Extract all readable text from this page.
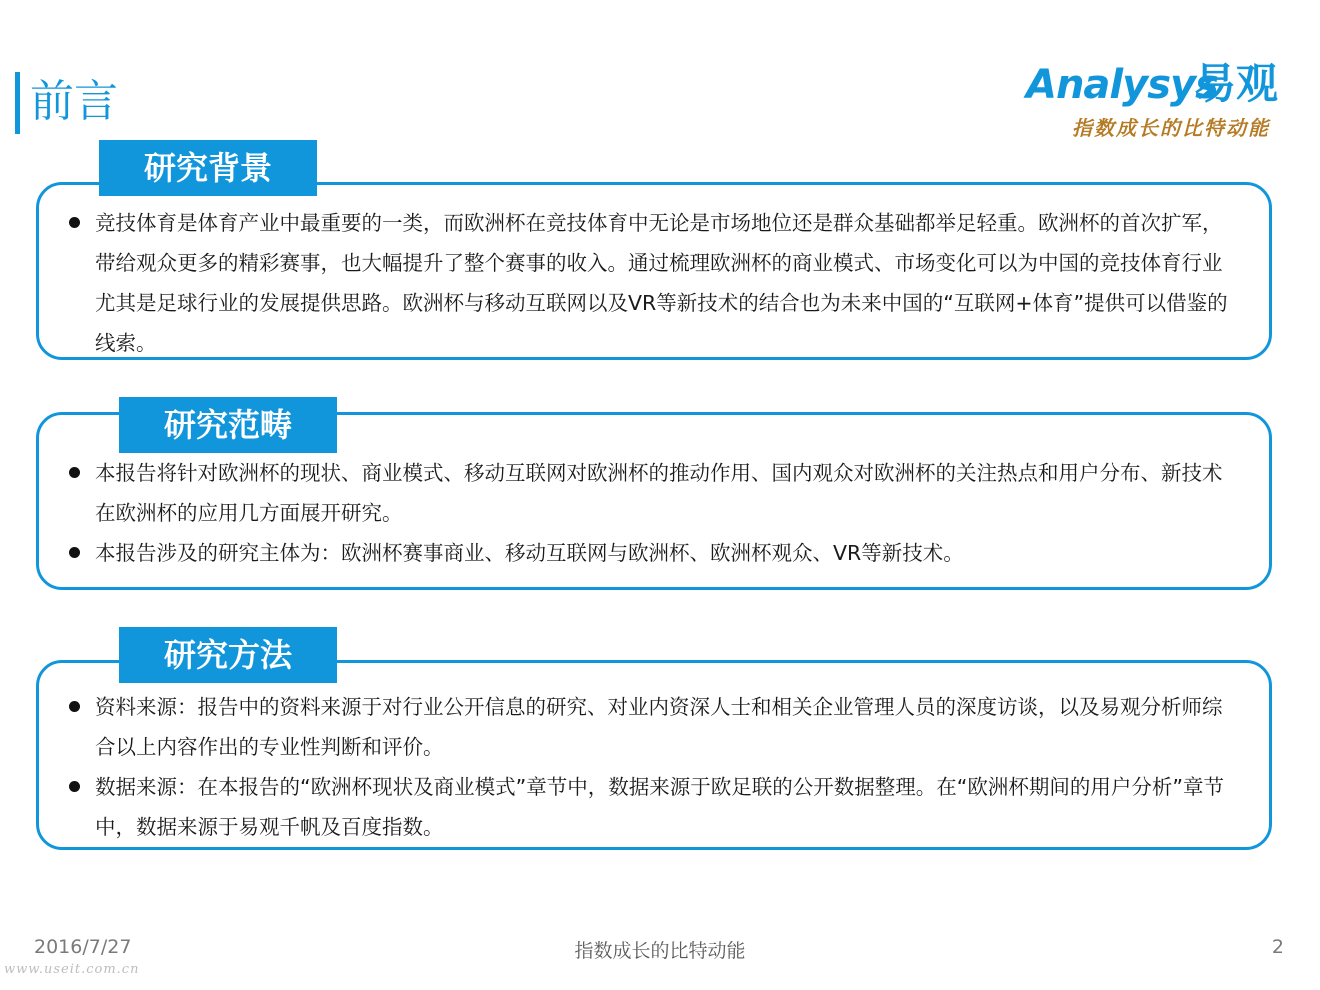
前言	Analysys
易观
指数成长的比特动能
竞技体育是体育产业中最重要的一类，而欧洲杯在竞技体育中无论是市场地位还是群众基础都举足轻重。欧洲杯的首次扩军，带给观众更多的精彩赛事，也大幅提升了整个赛事的收入。通过梳理欧洲杯的商业模式、市场变化可以为中国的竞技体育行业尤其是足球行业的发展提供思路。欧洲杯与移动互联网以及VR等新技术的结合也为未来中国的“互联网+体育”提供可以借鉴的线索。
研究背景
本报告将针对欧洲杯的现状、商业模式、移动互联网对欧洲杯的推动作用、国内观众对欧洲杯的关注热点和用户分布、新技术在欧洲杯的应用几方面展开研究。
本报告涉及的研究主体为：欧洲杯赛事商业、移动互联网与欧洲杯、欧洲杯观众、VR等新技术。
研究范畴
资料来源：报告中的资料来源于对行业公开信息的研究、对业内资深人士和相关企业管理人员的深度访谈，以及易观分析师综合以上内容作出的专业性判断和评价。
数据来源：在本报告的“欧洲杯现状及商业模式”章节中，数据来源于欧足联的公开数据整理。在“欧洲杯期间的用户分析”章节中，数据来源于易观千帆及百度指数。
研究方法
2016/7/27	指数成长的比特动能	2
www.useit.com.cn
